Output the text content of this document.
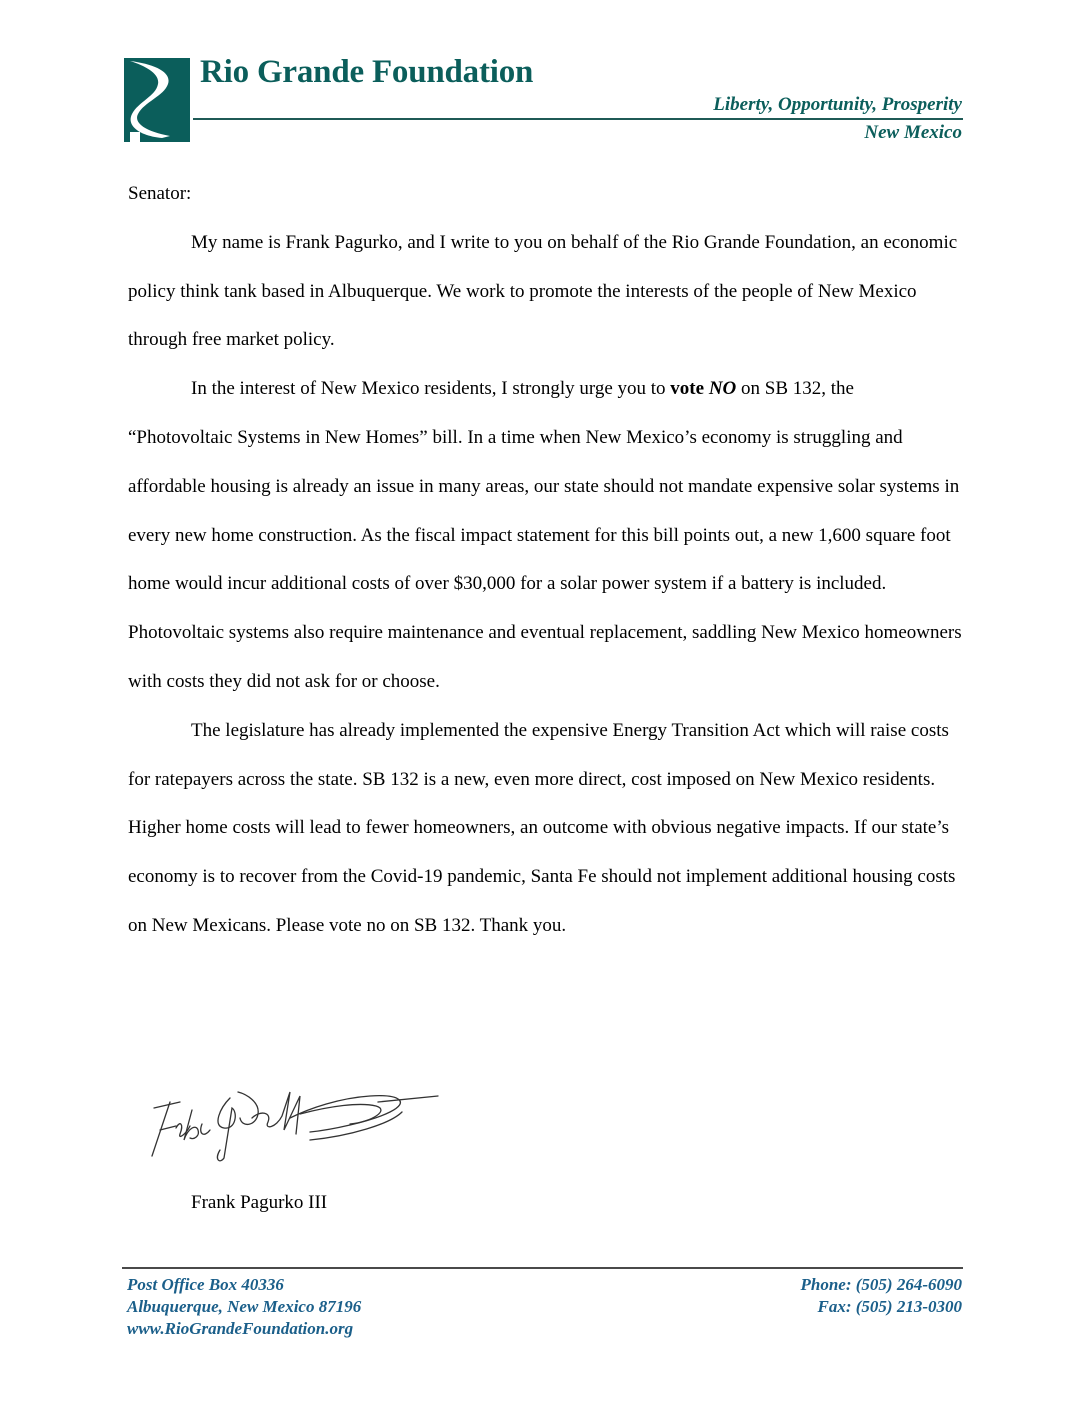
Rio Grande Foundation
Liberty, Opportunity, Prosperity
New Mexico

Senator:

My name is Frank Pagurko, and I write to you on behalf of the Rio Grande Foundation, an economic policy think tank based in Albuquerque. We work to promote the interests of the people of New Mexico through free market policy.

In the interest of New Mexico residents, I strongly urge you to vote NO on SB 132, the “Photovoltaic Systems in New Homes” bill. In a time when New Mexico’s economy is struggling and affordable housing is already an issue in many areas, our state should not mandate expensive solar systems in every new home construction. As the fiscal impact statement for this bill points out, a new 1,600 square foot home would incur additional costs of over $30,000 for a solar power system if a battery is included. Photovoltaic systems also require maintenance and eventual replacement, saddling New Mexico homeowners with costs they did not ask for or choose.

The legislature has already implemented the expensive Energy Transition Act which will raise costs for ratepayers across the state. SB 132 is a new, even more direct, cost imposed on New Mexico residents. Higher home costs will lead to fewer homeowners, an outcome with obvious negative impacts. If our state’s economy is to recover from the Covid-19 pandemic, Santa Fe should not implement additional housing costs on New Mexicans. Please vote no on SB 132. Thank you.

Frank Pagurko III
Post Office Box 40336
Albuquerque, New Mexico 87196
www.RioGrandeFoundation.org
Phone: (505) 264-6090
Fax: (505) 213-0300
